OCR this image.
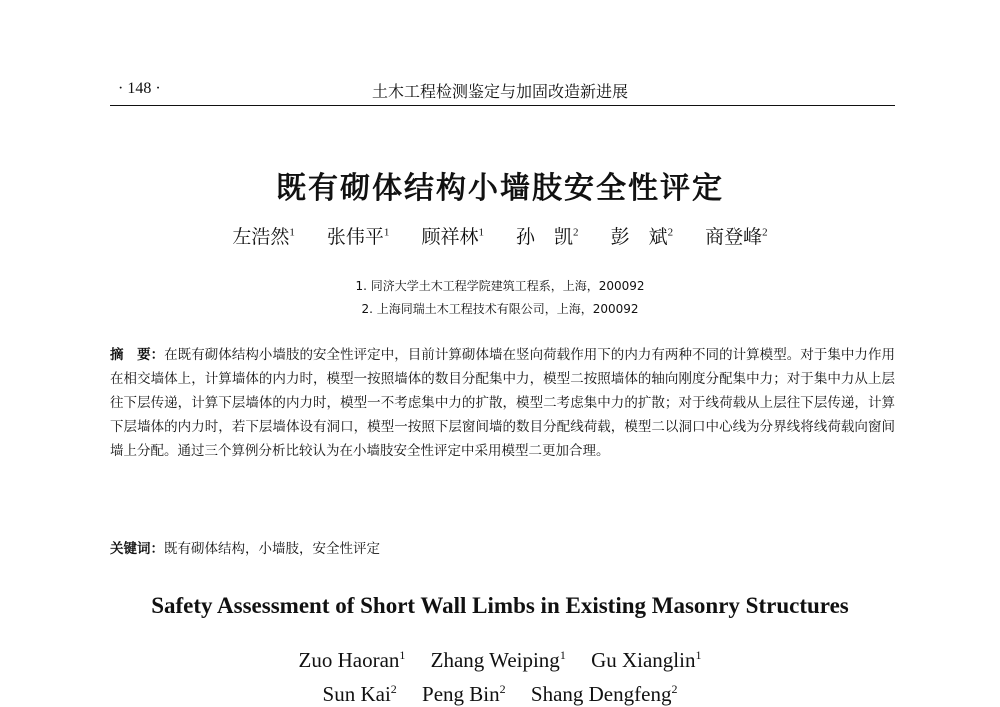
· 148 ·	土木工程检测鉴定与加固改造新进展
既有砌体结构小墙肢安全性评定
左浩然$^1$ 张伟平$^1$ 顾祥林$^1$ 孙　凯$^2$ 彭　斌$^2$ 商登峰$^2$
1. 同济大学土木工程学院建筑工程系，上海，200092
2. 上海同瑞土木工程技术有限公司，上海，200092
摘　要：在既有砌体结构小墙肢的安全性评定中，目前计算砌体墙在竖向荷载作用下的内力有两种不同的计算模型。对于集中力作用在相交墙体上，计算墙体的内力时，模型一按照墙体的数目分配集中力，模型二按照墙体的轴向刚度分配集中力；对于集中力从上层往下层传递，计算下层墙体的内力时，模型一不考虑集中力的扩散，模型二考虑集中力的扩散；对于线荷载从上层往下层传递，计算下层墙体的内力时，若下层墙体设有洞口，模型一按照下层窗间墙的数目分配线荷载，模型二以洞口中心线为分界线将线荷载向窗间墙上分配。通过三个算例分析比较认为在小墙肢安全性评定中采用模型二更加合理。
关键词：既有砌体结构，小墙肢，安全性评定
Safety Assessment of Short Wall Limbs in Existing Masonry Structures
Zuo Haoran$^1$ Zhang Weiping$^1$ Gu Xianglin$^1$
Sun Kai$^2$ Peng Bin$^2$ Shang Dengfeng$^2$
